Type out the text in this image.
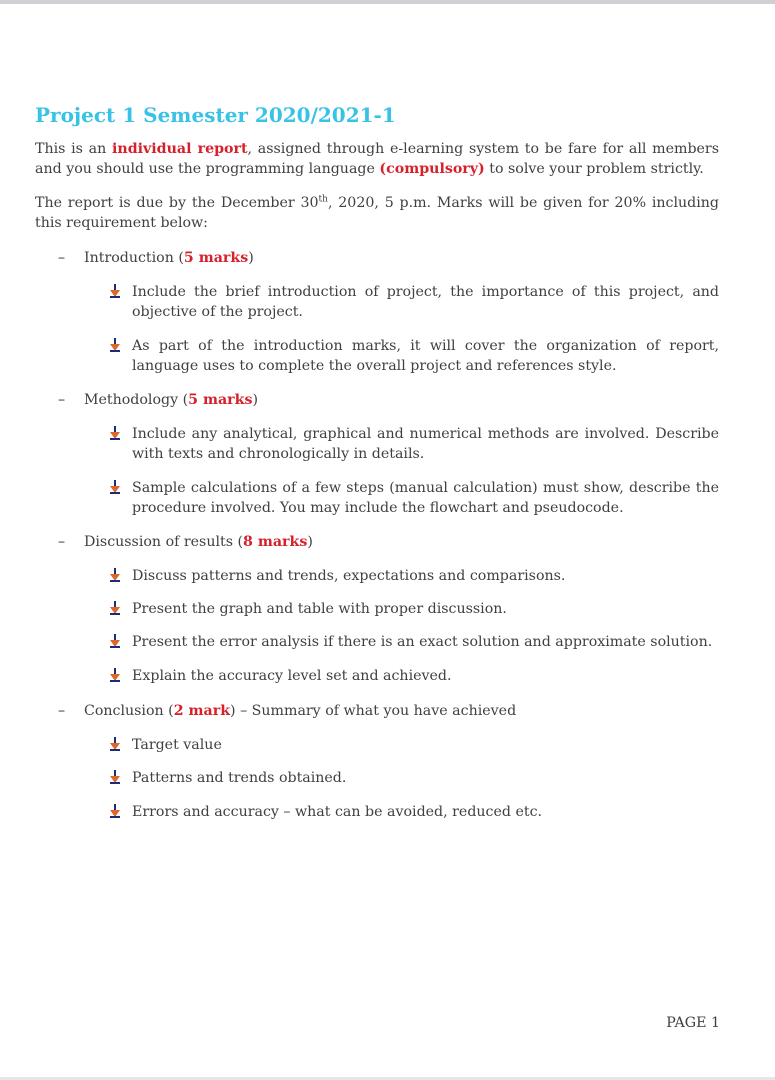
Project 1 Semester 2020/2021-1

This is an individual report, assigned through e-learning system to be fare for all members and you should use the programming language (compulsory) to solve your problem strictly.

The report is due by the December 30th, 2020, 5 p.m. Marks will be given for 20% including this requirement below:

– Introduction (5 marks)
Include the brief introduction of project, the importance of this project, and objective of the project.
As part of the introduction marks, it will cover the organization of report, language uses to complete the overall project and references style.
– Methodology (5 marks)
Include any analytical, graphical and numerical methods are involved. Describe with texts and chronologically in details.
Sample calculations of a few steps (manual calculation) must show, describe the procedure involved. You may include the flowchart and pseudocode.
– Discussion of results (8 marks)
Discuss patterns and trends, expectations and comparisons.
Present the graph and table with proper discussion.
Present the error analysis if there is an exact solution and approximate solution.
Explain the accuracy level set and achieved.
– Conclusion (2 mark) – Summary of what you have achieved
Target value
Patterns and trends obtained.
Errors and accuracy – what can be avoided, reduced etc.
PAGE 1
